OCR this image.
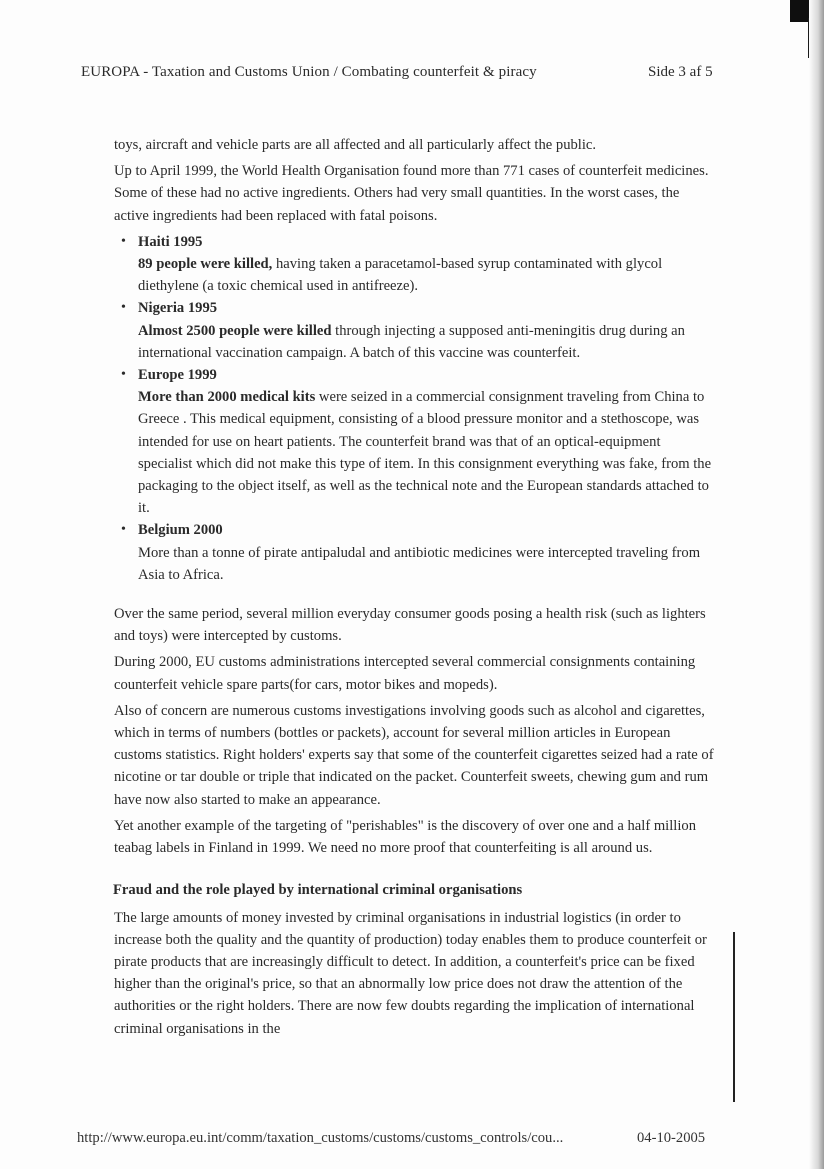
EUROPA - Taxation and Customs Union / Combating counterfeit & piracy	Side 3 af 5

toys, aircraft and vehicle parts are all affected and all particularly affect the public.

Up to April 1999, the World Health Organisation found more than 771 cases of counterfeit medicines. Some of these had no active ingredients. Others had very small quantities. In the worst cases, the active ingredients had been replaced with fatal poisons.

• Haiti 1995
89 people were killed, having taken a paracetamol-based syrup contaminated with glycol diethylene (a toxic chemical used in antifreeze).
• Nigeria 1995
Almost 2500 people were killed through injecting a supposed anti-meningitis drug during an international vaccination campaign. A batch of this vaccine was counterfeit.
• Europe 1999
More than 2000 medical kits were seized in a commercial consignment traveling from China to Greece . This medical equipment, consisting of a blood pressure monitor and a stethoscope, was intended for use on heart patients. The counterfeit brand was that of an optical-equipment specialist which did not make this type of item. In this consignment everything was fake, from the packaging to the object itself, as well as the technical note and the European standards attached to it.
• Belgium 2000
More than a tonne of pirate antipaludal and antibiotic medicines were intercepted traveling from Asia to Africa.

Over the same period, several million everyday consumer goods posing a health risk (such as lighters and toys) were intercepted by customs.

During 2000, EU customs administrations intercepted several commercial consignments containing counterfeit vehicle spare parts(for cars, motor bikes and mopeds).

Also of concern are numerous customs investigations involving goods such as alcohol and cigarettes, which in terms of numbers (bottles or packets), account for several million articles in European customs statistics. Right holders' experts say that some of the counterfeit cigarettes seized had a rate of nicotine or tar double or triple that indicated on the packet. Counterfeit sweets, chewing gum and rum have now also started to make an appearance.

Yet another example of the targeting of "perishables" is the discovery of over one and a half million teabag labels in Finland in 1999. We need no more proof that counterfeiting is all around us.

Fraud and the role played by international criminal organisations

The large amounts of money invested by criminal organisations in industrial logistics (in order to increase both the quality and the quantity of production) today enables them to produce counterfeit or pirate products that are increasingly difficult to detect. In addition, a counterfeit's price can be fixed higher than the original's price, so that an abnormally low price does not draw the attention of the authorities or the right holders. There are now few doubts regarding the implication of international criminal organisations in the

http://www.europa.eu.int/comm/taxation_customs/customs/customs_controls/cou...	04-10-2005
